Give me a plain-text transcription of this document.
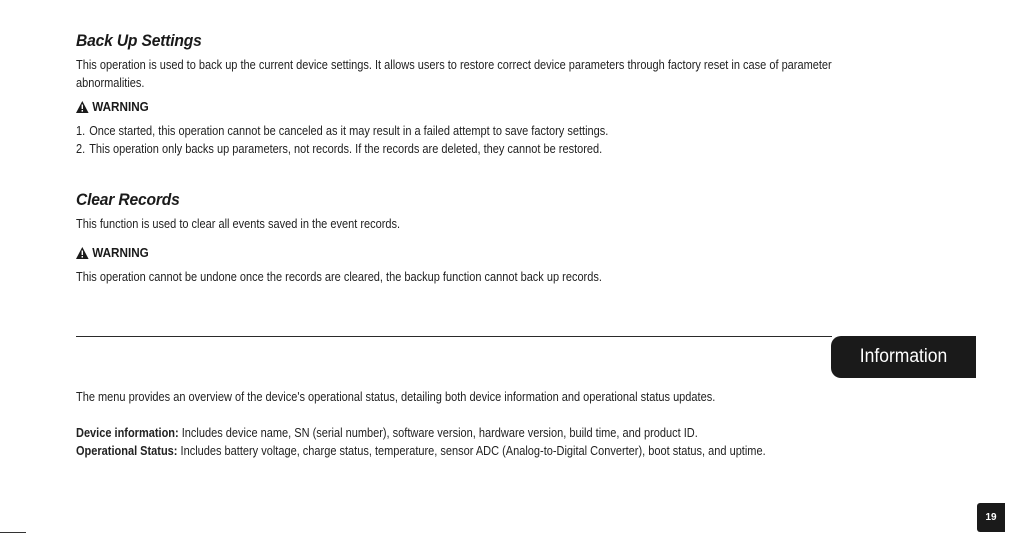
Back Up Settings
This operation is used to back up the current device settings. It allows users to restore correct device parameters through factory reset in case of parameter
abnormalities.
WARNING
1. Once started, this operation cannot be canceled as it may result in a failed attempt to save factory settings.
2. This operation only backs up parameters, not records. If the records are deleted, they cannot be restored.
Clear Records
This function is used to clear all events saved in the event records.
WARNING
This operation cannot be undone once the records are cleared, the backup function cannot back up records.
Information
The menu provides an overview of the device's operational status, detailing both device information and operational status updates.
Device information: Includes device name, SN (serial number), software version, hardware version, build time, and product ID.
Operational Status: Includes battery voltage, charge status, temperature, sensor ADC (Analog-to-Digital Converter), boot status, and uptime.
19
